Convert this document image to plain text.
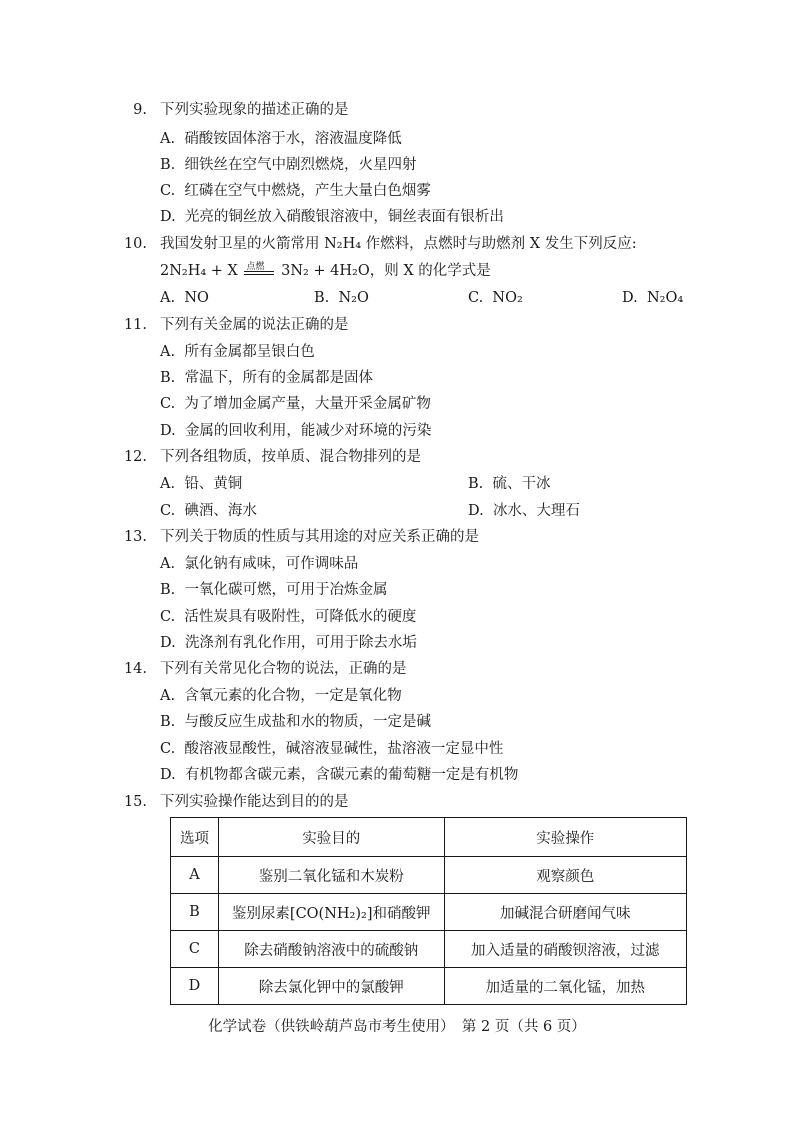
9. 下列实验现象的描述正确的是
A. 硝酸铵固体溶于水，溶液温度降低
B. 细铁丝在空气中剧烈燃烧，火星四射
C. 红磷在空气中燃烧，产生大量白色烟雾
D. 光亮的铜丝放入硝酸银溶液中，铜丝表面有银析出
10. 我国发射卫星的火箭常用 N₂H₄ 作燃料，点燃时与助燃剂 X 发生下列反应:
2N₂H₄ + X 点燃 3N₂ + 4H₂O，则 X 的化学式是
A. NO	B. N₂O	C. NO₂	D. N₂O₄
11. 下列有关金属的说法正确的是
A. 所有金属都呈银白色
B. 常温下，所有的金属都是固体
C. 为了增加金属产量，大量开采金属矿物
D. 金属的回收利用，能减少对环境的污染
12. 下列各组物质，按单质、混合物排列的是
A. 铅、黄铜	B. 硫、干冰
C. 碘酒、海水	D. 冰水、大理石
13. 下列关于物质的性质与其用途的对应关系正确的是
A. 氯化钠有咸味，可作调味品
B. 一氧化碳可燃，可用于冶炼金属
C. 活性炭具有吸附性，可降低水的硬度
D. 洗涤剂有乳化作用，可用于除去水垢
14. 下列有关常见化合物的说法，正确的是
A. 含氧元素的化合物，一定是氧化物
B. 与酸反应生成盐和水的物质，一定是碱
C. 酸溶液显酸性，碱溶液显碱性，盐溶液一定显中性
D. 有机物都含碳元素，含碳元素的葡萄糖一定是有机物
15. 下列实验操作能达到目的的是
选项	实验目的	实验操作
A	鉴别二氧化锰和木炭粉	观察颜色
B	鉴别尿素[CO(NH₂)₂]和硝酸钾	加碱混合研磨闻气味
C	除去硝酸钠溶液中的硫酸钠	加入适量的硝酸钡溶液，过滤
D	除去氯化钾中的氯酸钾	加适量的二氧化锰，加热
化学试卷（供铁岭葫芦岛市考生使用）　第 2 页（共 6 页）
